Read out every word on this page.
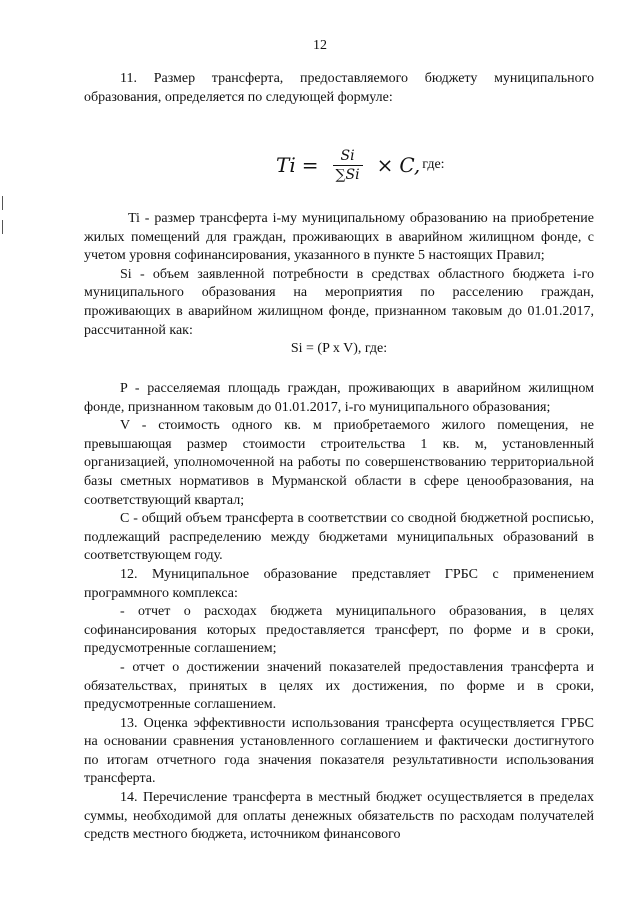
12

11. Размер трансферта, предоставляемого бюджету муниципального образования, определяется по следующей формуле:

$Ti = \frac{Si}{\sum Si} \times C$, где:

Ti - размер трансферта i-му муниципальному образованию на приобретение жилых помещений для граждан, проживающих в аварийном жилищном фонде, с учетом уровня софинансирования, указанного в пункте 5 настоящих Правил;

Si - объем заявленной потребности в средствах областного бюджета i-го муниципального образования на мероприятия по расселению граждан, проживающих в аварийном жилищном фонде, признанном таковым до 01.01.2017, рассчитанной как:

Si = (P x V), где:

P - расселяемая площадь граждан, проживающих в аварийном жилищном фонде, признанном таковым до 01.01.2017, i-го муниципального образования;

V - стоимость одного кв. м приобретаемого жилого помещения, не превышающая размер стоимости строительства 1 кв. м, установленный организацией, уполномоченной на работы по совершенствованию территориальной базы сметных нормативов в Мурманской области в сфере ценообразования, на соответствующий квартал;

C - общий объем трансферта в соответствии со сводной бюджетной росписью, подлежащий распределению между бюджетами муниципальных образований в соответствующем году.

12. Муниципальное образование представляет ГРБС с применением программного комплекса:

- отчет о расходах бюджета муниципального образования, в целях софинансирования которых предоставляется трансферт, по форме и в сроки, предусмотренные соглашением;

- отчет о достижении значений показателей предоставления трансферта и обязательствах, принятых в целях их достижения, по форме и в сроки, предусмотренные соглашением.

13. Оценка эффективности использования трансферта осуществляется ГРБС на основании сравнения установленного соглашением и фактически достигнутого по итогам отчетного года значения показателя результативности использования трансферта.

14. Перечисление трансферта в местный бюджет осуществляется в пределах суммы, необходимой для оплаты денежных обязательств по расходам получателей средств местного бюджета, источником финансового
